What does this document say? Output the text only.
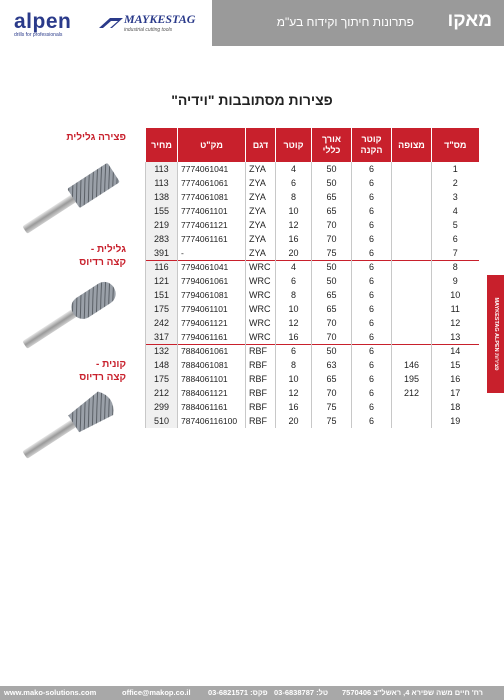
alpen
drills for professionals
MAYKESTAG
industrial cutting tools	מאקו
פתרונות חיתוך וקידוח בע"מ
פצירות מסתובבות "וידיה"
פצירה גלילית
גלילית -
קצה רדיוס
קונית -
קצה רדיוס
מחיר	מק"ט	דגם	קוטר	אורך כללי	קוטר הקנה	מצופה	מס"ד
113	7774061041	ZYA	4	50	6		1
113	7774061061	ZYA	6	50	6		2
138	7774061081	ZYA	8	65	6		3
155	7774061101	ZYA	10	65	6		4
219	7774061121	ZYA	12	70	6		5
283	7774061161	ZYA	16	70	6		6
391	-	ZYA	20	75	6		7
116	7794061041	WRC	4	50	6		8
121	7794061061	WRC	6	50	6		9
151	7794061081	WRC	8	65	6		10
175	7794061101	WRC	10	65	6		11
242	7794061121	WRC	12	70	6		12
317	7794061161	WRC	16	70	6		13
132	7884061061	RBF	6	50	6		14
148	7884061081	RBF	8	63	6	146	15
175	7884061101	RBF	10	65	6	195	16
212	7884061121	RBF	12	70	6	212	17
299	7884061161	RBF	16	75	6		18
510	787406116100	RBF	20	75	6		19
MAYKESTAG ALPEN פצירות
www.mako-solutions.com	office@makop.co.il פקס: 03-6821571 טל: 03-6838787 רח' חיים משה שפירא 4, ראשל"צ 7570406
